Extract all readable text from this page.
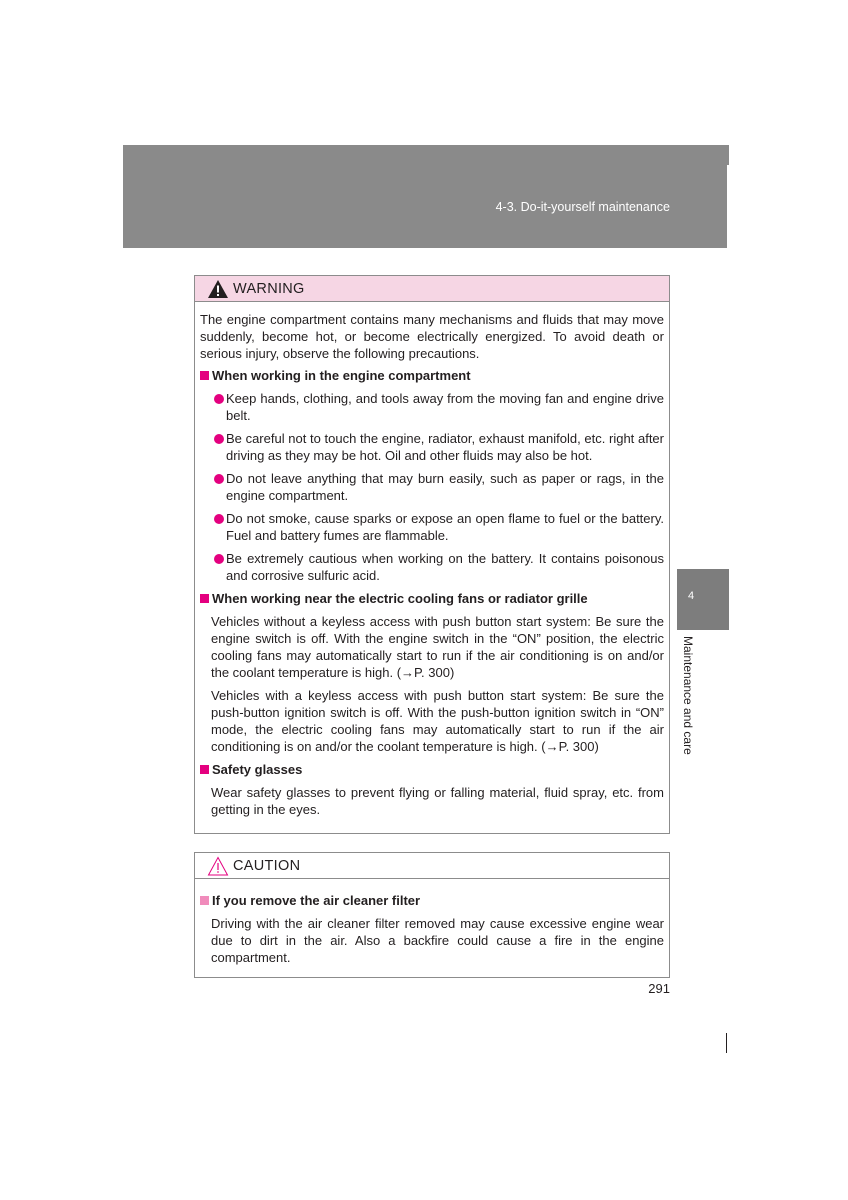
4-3. Do-it-yourself maintenance
4
Maintenance and care
WARNING

The engine compartment contains many mechanisms and fluids that may move suddenly, become hot, or become electrically energized. To avoid death or serious injury, observe the following precautions.

When working in the engine compartment
Keep hands, clothing, and tools away from the moving fan and engine drive belt.
Be careful not to touch the engine, radiator, exhaust manifold, etc. right after driving as they may be hot. Oil and other fluids may also be hot.
Do not leave anything that may burn easily, such as paper or rags, in the engine compartment.
Do not smoke, cause sparks or expose an open flame to fuel or the battery. Fuel and battery fumes are flammable.
Be extremely cautious when working on the battery. It contains poisonous and corrosive sulfuric acid.
When working near the electric cooling fans or radiator grille

Vehicles without a keyless access with push button start system: Be sure the engine switch is off. With the engine switch in the “ON” position, the electric cooling fans may automatically start to run if the air conditioning is on and/or the coolant temperature is high. (→P. 300)

Vehicles with a keyless access with push button start system: Be sure the push-button ignition switch is off. With the push-button ignition switch in “ON” mode, the electric cooling fans may automatically start to run if the air conditioning is on and/or the coolant temperature is high. (→P. 300)

Safety glasses

Wear safety glasses to prevent flying or falling material, fluid spray, etc. from getting in the eyes.

CAUTION
If you remove the air cleaner filter

Driving with the air cleaner filter removed may cause excessive engine wear due to dirt in the air. Also a backfire could cause a fire in the engine compartment.

291
